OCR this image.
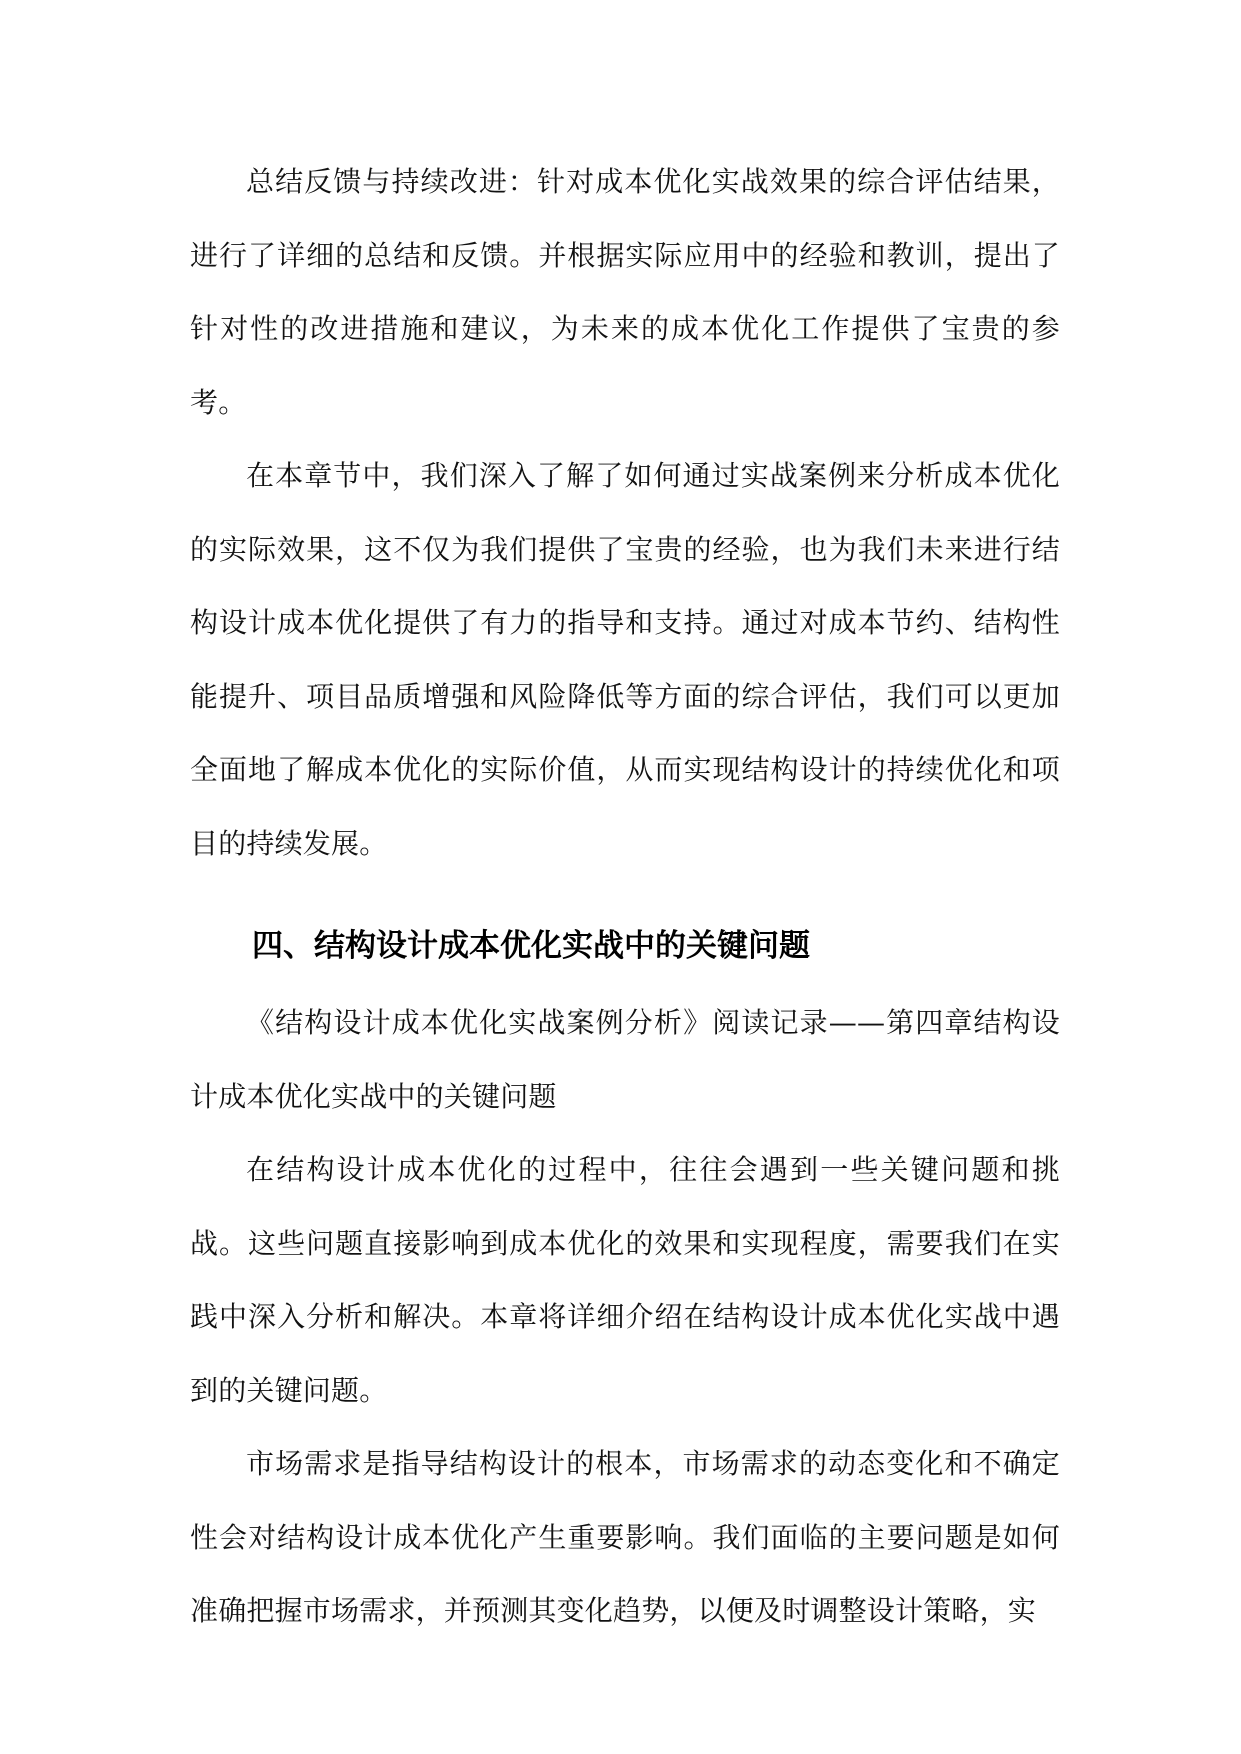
总结反馈与持续改进：针对成本优化实战效果的综合评估结果，进行了详细的总结和反馈。并根据实际应用中的经验和教训，提出了针对性的改进措施和建议，为未来的成本优化工作提供了宝贵的参考。

在本章节中，我们深入了解了如何通过实战案例来分析成本优化的实际效果，这不仅为我们提供了宝贵的经验，也为我们未来进行结构设计成本优化提供了有力的指导和支持。通过对成本节约、结构性能提升、项目品质增强和风险降低等方面的综合评估，我们可以更加全面地了解成本优化的实际价值，从而实现结构设计的持续优化和项目的持续发展。

四、结构设计成本优化实战中的关键问题

《结构设计成本优化实战案例分析》阅读记录——第四章结构设计成本优化实战中的关键问题

在结构设计成本优化的过程中，往往会遇到一些关键问题和挑战。这些问题直接影响到成本优化的效果和实现程度，需要我们在实践中深入分析和解决。本章将详细介绍在结构设计成本优化实战中遇到的关键问题。

市场需求是指导结构设计的根本，市场需求的动态变化和不确定性会对结构设计成本优化产生重要影响。我们面临的主要问题是如何准确把握市场需求，并预测其变化趋势，以便及时调整设计策略，实
